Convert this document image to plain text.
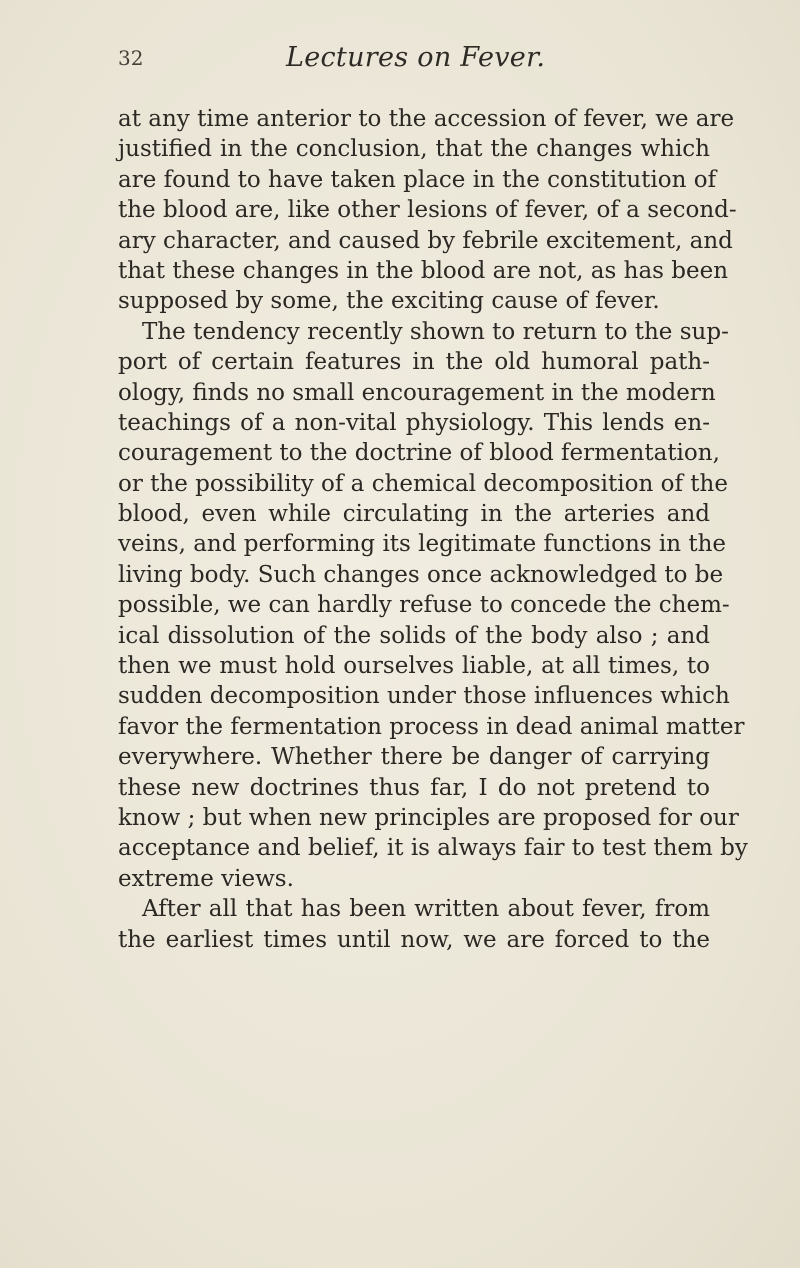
32	Lectures on Fever.
at any time anterior to the accession of fever, we are
justified in the conclusion, that the changes which
are found to have taken place in the constitution of
the blood are, like other lesions of fever, of a second-
ary character, and caused by febrile excitement, and
that these changes in the blood are not, as has been
supposed by some, the exciting cause of fever.
The tendency recently shown to return to the sup-
port of certain features in the old humoral path-
ology, finds no small encouragement in the modern
teachings of a non-vital physiology. This lends en-
couragement to the doctrine of blood fermentation,
or the possibility of a chemical decomposition of the
blood, even while circulating in the arteries and
veins, and performing its legitimate functions in the
living body. Such changes once acknowledged to be
possible, we can hardly refuse to concede the chem-
ical dissolution of the solids of the body also ; and
then we must hold ourselves liable, at all times, to
sudden decomposition under those influences which
favor the fermentation process in dead animal matter
everywhere. Whether there be danger of carrying
these new doctrines thus far, I do not pretend to
know ; but when new principles are proposed for our
acceptance and belief, it is always fair to test them by
extreme views.
After all that has been written about fever, from
the earliest times until now, we are forced to the
